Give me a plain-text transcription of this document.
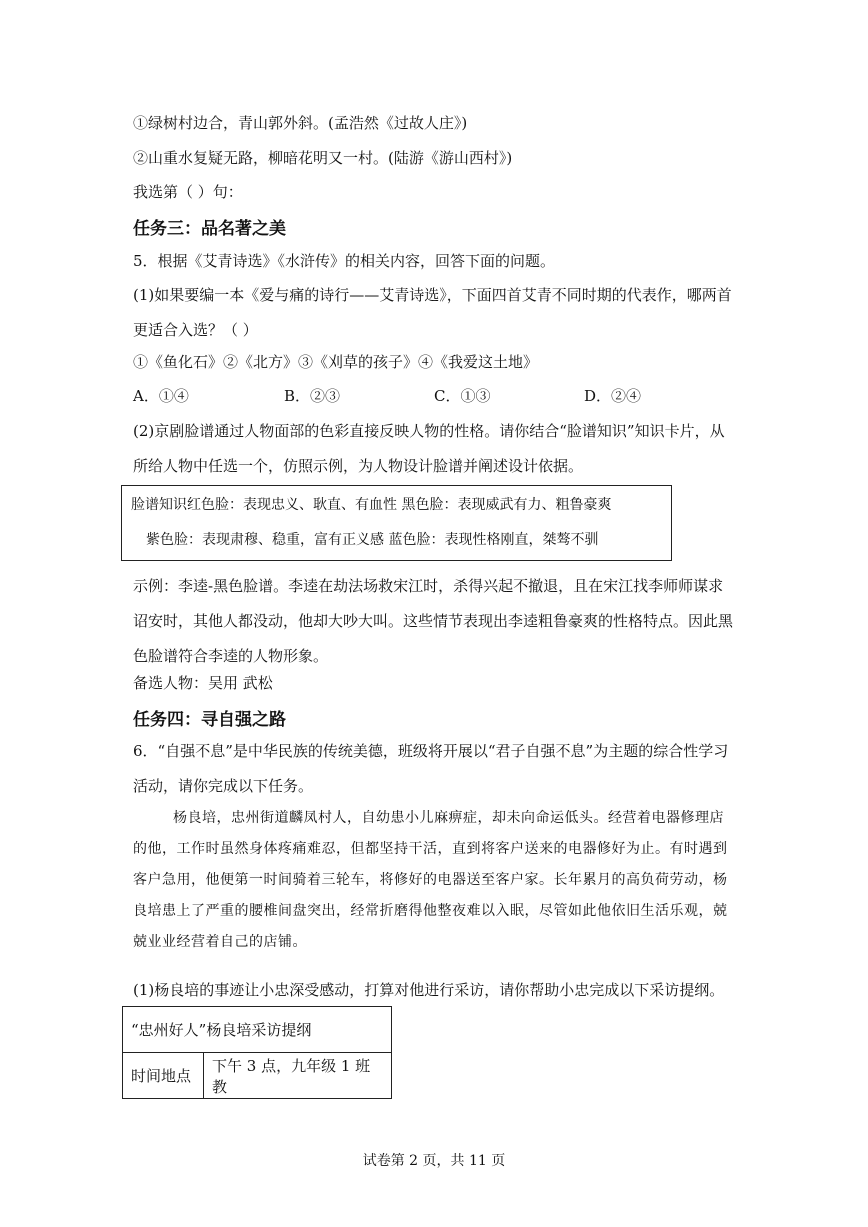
①绿树村边合，青山郭外斜。(孟浩然《过故人庄》)
②山重水复疑无路，柳暗花明又一村。(陆游《游山西村》)
我选第（ ）句：
任务三：品名著之美
5．根据《艾青诗选》《水浒传》的相关内容，回答下面的问题。
(1)如果要编一本《爱与痛的诗行——艾青诗选》，下面四首艾青不同时期的代表作，哪两首更适合入选？（ ）
①《鱼化石》②《北方》③《刈草的孩子》④《我爱这土地》
A．①④	B．②③	C．①③	D．②④
(2)京剧脸谱通过人物面部的色彩直接反映人物的性格。请你结合“脸谱知识”知识卡片，从所给人物中任选一个，仿照示例，为人物设计脸谱并阐述设计依据。
脸谱知识红色脸：表现忠义、耿直、有血性 黑色脸：表现威武有力、粗鲁豪爽
紫色脸：表现肃穆、稳重，富有正义感 蓝色脸：表现性格刚直，桀骜不驯
示例：李逵-黑色脸谱。李逵在劫法场救宋江时，杀得兴起不撤退，且在宋江找李师师谋求诏安时，其他人都没动，他却大吵大叫。这些情节表现出李逵粗鲁豪爽的性格特点。因此黑色脸谱符合李逵的人物形象。
备选人物：吴用 武松
任务四：寻自强之路
6．“自强不息”是中华民族的传统美德，班级将开展以“君子自强不息”为主题的综合性学习活动，请你完成以下任务。
杨良培，忠州街道麟凤村人，自幼患小儿麻痹症，却未向命运低头。经营着电器修理店的他，工作时虽然身体疼痛难忍，但都坚持干活，直到将客户送来的电器修好为止。有时遇到客户急用，他便第一时间骑着三轮车，将修好的电器送至客户家。长年累月的高负荷劳动，杨良培患上了严重的腰椎间盘突出，经常折磨得他整夜难以入眠，尽管如此他依旧生活乐观，兢兢业业经营着自己的店铺。
(1)杨良培的事迹让小忠深受感动，打算对他进行采访，请你帮助小忠完成以下采访提纲。
“忠州好人”杨良培采访提纲
时间地点	下午 3 点，九年级 1 班教
试卷第 2 页，共 11 页
